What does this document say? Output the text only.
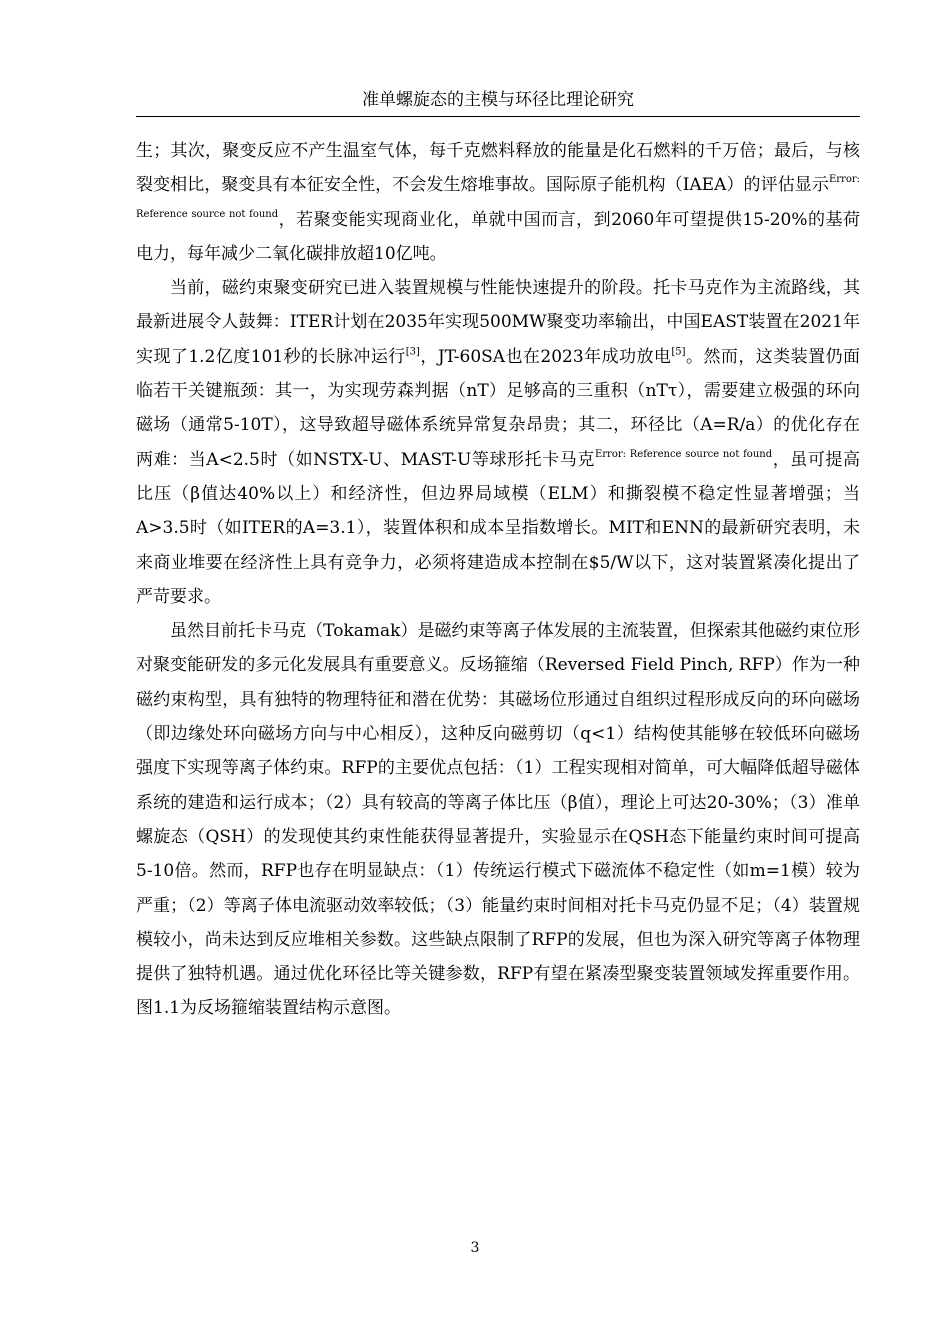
准单螺旋态的主模与环径比理论研究

生；其次，聚变反应不产生温室气体，每千克燃料释放的能量是化石燃料的千万倍；最后，与核裂变相比，聚变具有本征安全性，不会发生熔堆事故。国际原子能机构（IAEA）的评估显示$^{Error: Reference source not found}$，若聚变能实现商业化，单就中国而言，到2060年可望提供15-20%的基荷电力，每年减少二氧化碳排放超10亿吨。

当前，磁约束聚变研究已进入装置规模与性能快速提升的阶段。托卡马克作为主流路线，其最新进展令人鼓舞：ITER计划在2035年实现500MW聚变功率输出，中国EAST装置在2021年实现了1.2亿度101秒的长脉冲运行[3]，JT-60SA也在2023年成功放电[5]。然而，这类装置仍面临若干关键瓶颈：其一，为实现劳森判据（nT）足够高的三重积（nTτ），需要建立极强的环向磁场（通常5-10T），这导致超导磁体系统异常复杂昂贵；其二，环径比（A=R/a）的优化存在两难：当A<2.5时（如NSTX-U、MAST-U等球形托卡马克$^{Error: Reference source not found}$，虽可提高比压（β值达40%以上）和经济性，但边界局域模（ELM）和撕裂模不稳定性显著增强；当A>3.5时（如ITER的A=3.1），装置体积和成本呈指数增长。MIT和ENN的最新研究表明，未来商业堆要在经济性上具有竞争力，必须将建造成本控制在$5/W以下，这对装置紧凑化提出了严苛要求。

虽然目前托卡马克（Tokamak）是磁约束等离子体发展的主流装置，但探索其他磁约束位形对聚变能研发的多元化发展具有重要意义。反场箍缩（Reversed Field Pinch, RFP）作为一种磁约束构型，具有独特的物理特征和潜在优势：其磁场位形通过自组织过程形成反向的环向磁场（即边缘处环向磁场方向与中心相反），这种反向磁剪切（q<1）结构使其能够在较低环向磁场强度下实现等离子体约束。RFP的主要优点包括：（1）工程实现相对简单，可大幅降低超导磁体系统的建造和运行成本；（2）具有较高的等离子体比压（β值），理论上可达20-30%；（3）准单螺旋态（QSH）的发现使其约束性能获得显著提升，实验显示在QSH态下能量约束时间可提高5-10倍。然而，RFP也存在明显缺点：（1）传统运行模式下磁流体不稳定性（如m=1模）较为严重；（2）等离子体电流驱动效率较低；（3）能量约束时间相对托卡马克仍显不足；（4）装置规模较小，尚未达到反应堆相关参数。这些缺点限制了RFP的发展，但也为深入研究等离子体物理提供了独特机遇。通过优化环径比等关键参数，RFP有望在紧凑型聚变装置领域发挥重要作用。图1.1为反场箍缩装置结构示意图。

3
